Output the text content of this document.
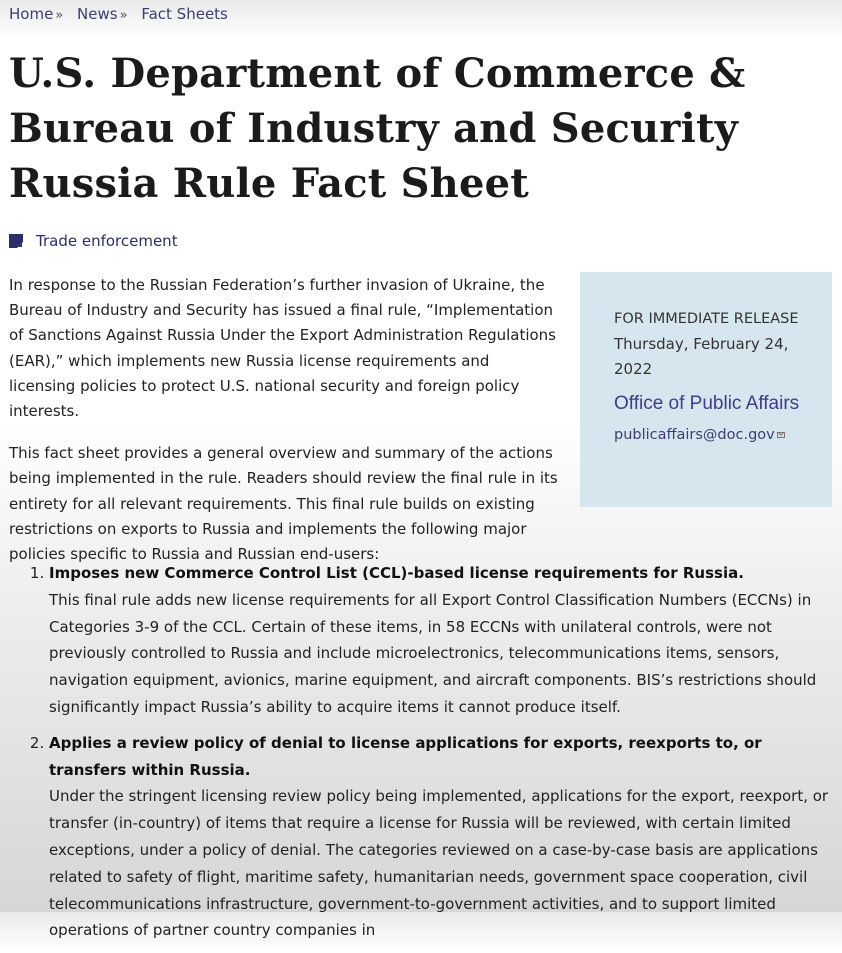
Home » News » Fact Sheets
U.S. Department of Commerce & Bureau of Industry and Security Russia Rule Fact Sheet
Trade enforcement

In response to the Russian Federation’s further invasion of Ukraine, the Bureau of Industry and Security has issued a final rule, “Implementation of Sanctions Against Russia Under the Export Administration Regulations (EAR),” which implements new Russia license requirements and licensing policies to protect U.S. national security and foreign policy interests.

This fact sheet provides a general overview and summary of the actions being implemented in the rule. Readers should review the final rule in its entirety for all relevant requirements. This final rule builds on existing restrictions on exports to Russia and implements the following major policies specific to Russia and Russian end-users:

FOR IMMEDIATE RELEASE
Thursday, February 24, 2022
Office of Public Affairs
publicaffairs@doc.gov
1. Imposes new Commerce Control List (CCL)-based license requirements for Russia.
This final rule adds new license requirements for all Export Control Classification Numbers (ECCNs) in Categories 3-9 of the CCL. Certain of these items, in 58 ECCNs with unilateral controls, were not previously controlled to Russia and include microelectronics, telecommunications items, sensors, navigation equipment, avionics, marine equipment, and aircraft components. BIS’s restrictions should significantly impact Russia’s ability to acquire items it cannot produce itself.
2. Applies a review policy of denial to license applications for exports, reexports to, or transfers within Russia.
Under the stringent licensing review policy being implemented, applications for the export, reexport, or transfer (in-country) of items that require a license for Russia will be reviewed, with certain limited exceptions, under a policy of denial. The categories reviewed on a case-by-case basis are applications related to safety of flight, maritime safety, humanitarian needs, government space cooperation, civil telecommunications infrastructure, government-to-government activities, and to support limited operations of partner country companies in
